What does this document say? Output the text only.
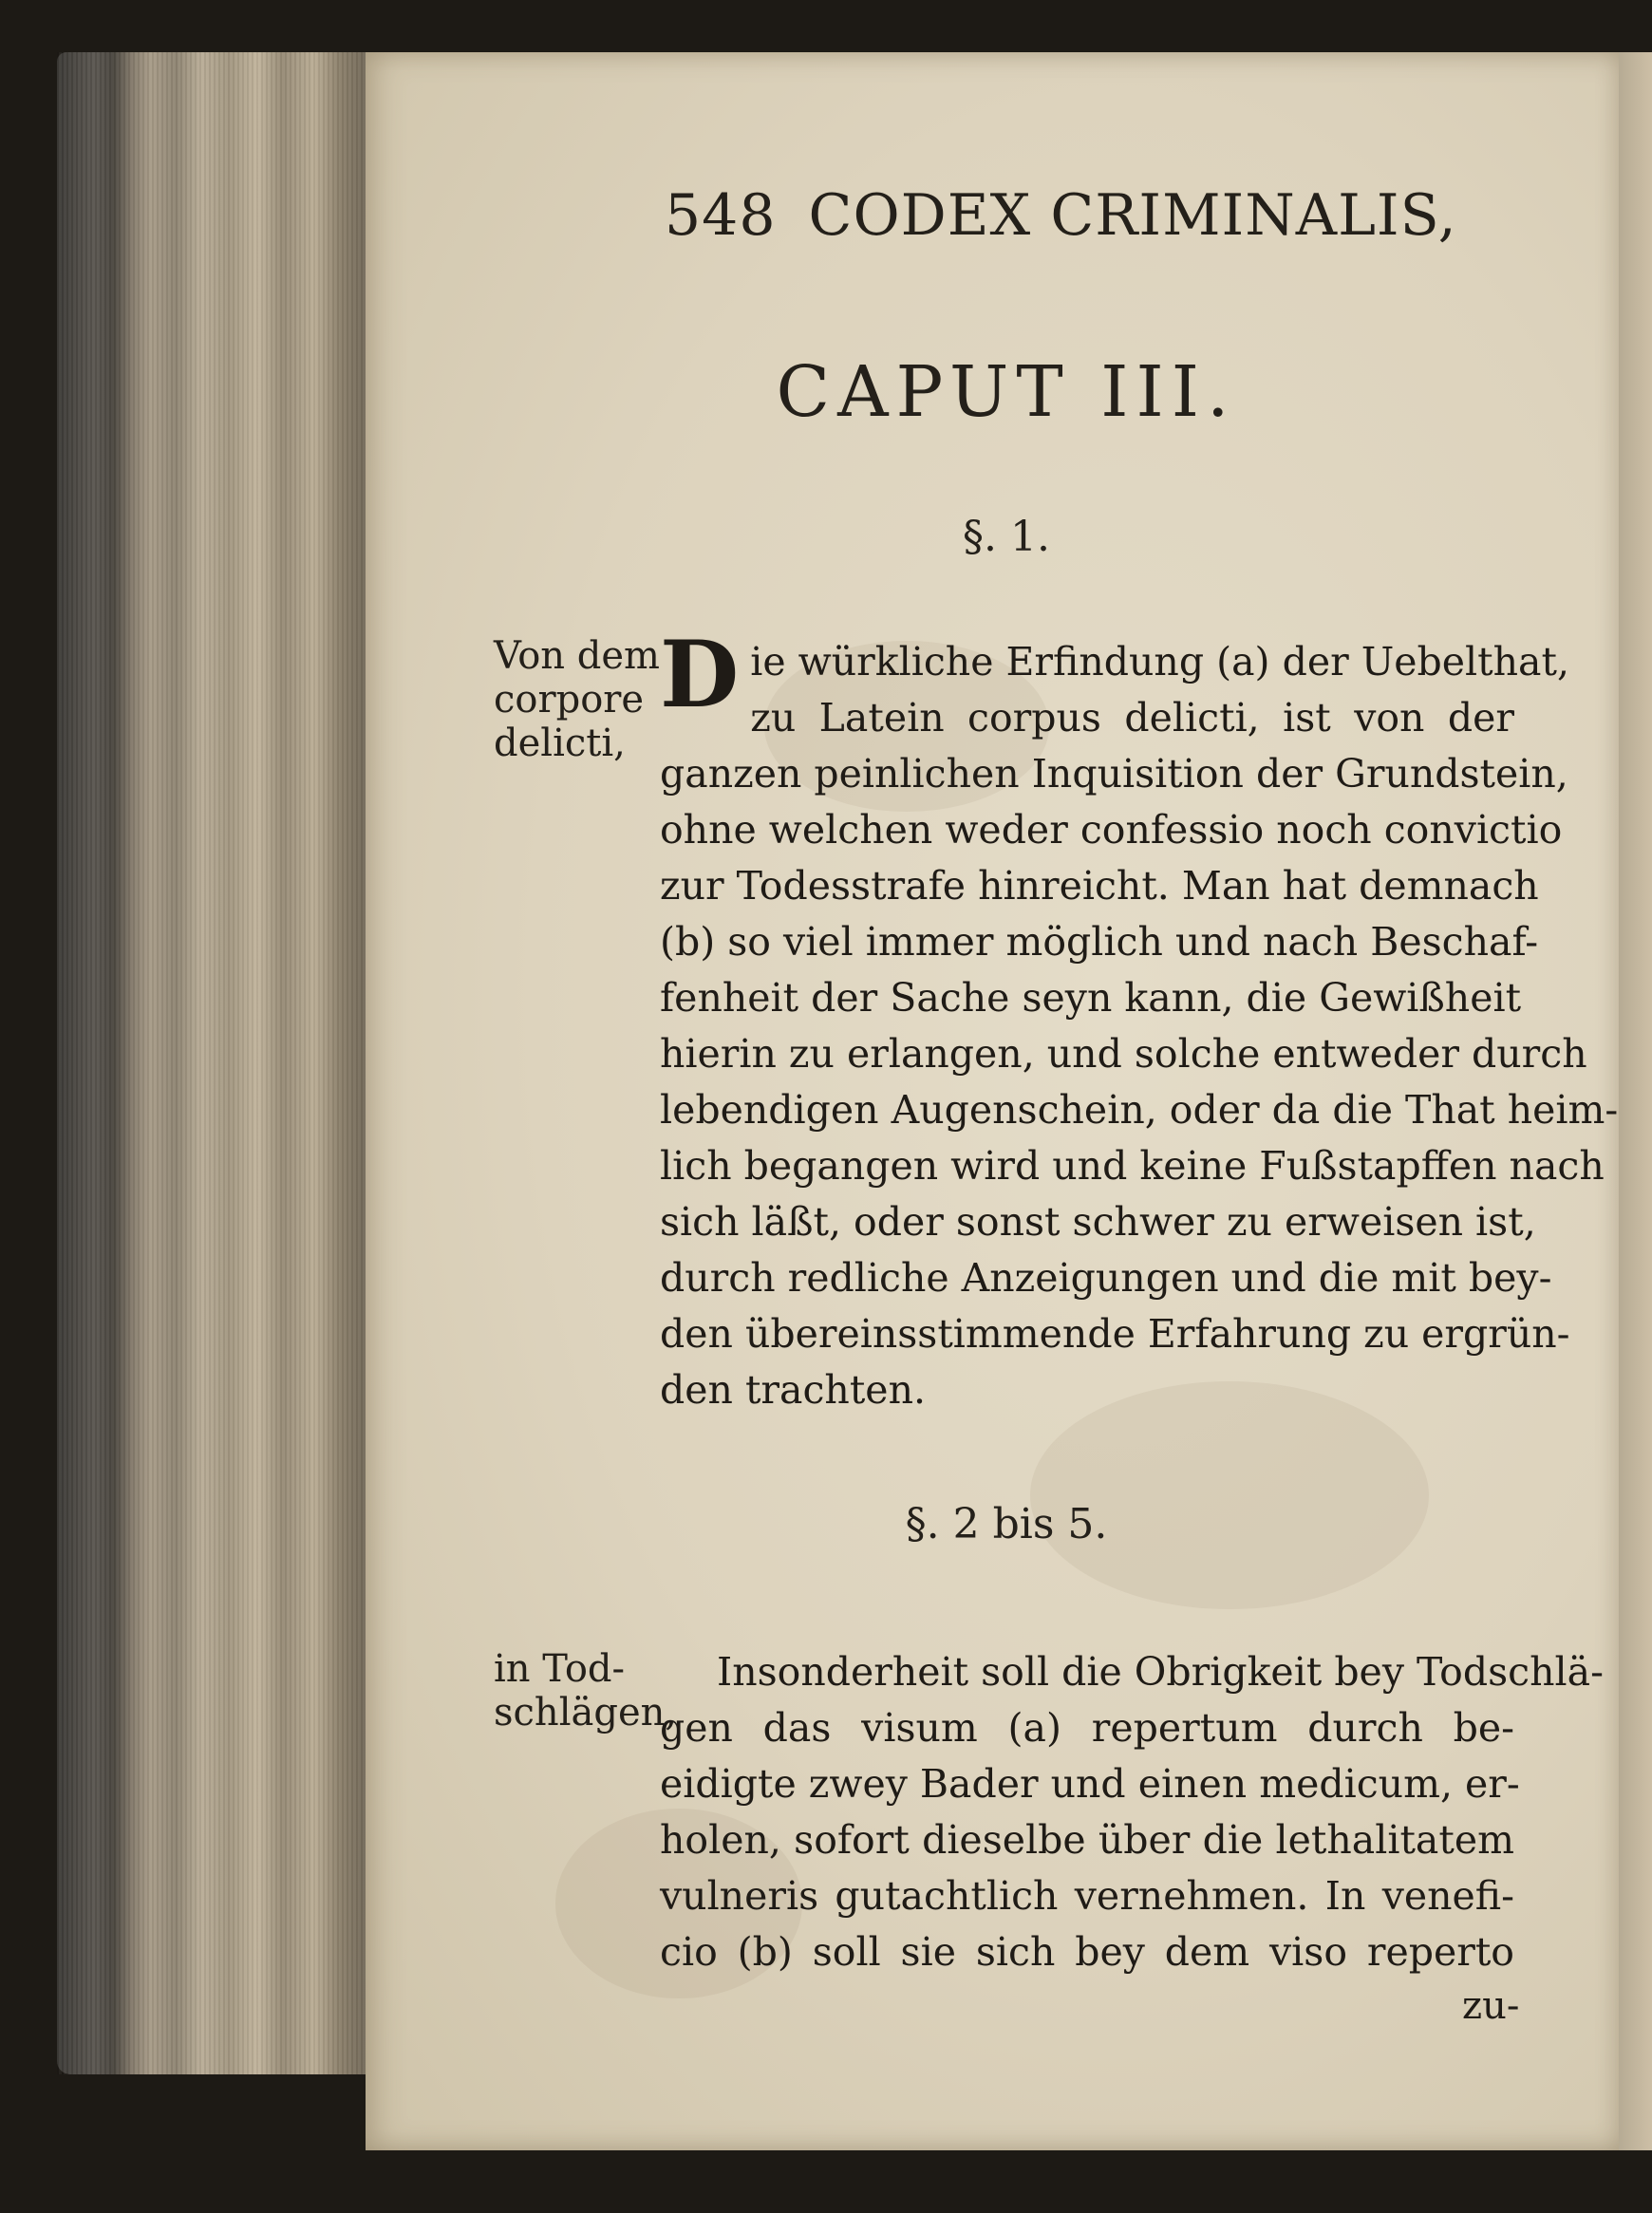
548 CODEX CRIMINALIS,
CAPUT III.
§. 1.
Von dem
corpore
delicti,
D ie würkliche Erfindung (a) der Uebelthat,
zu Latein corpus delicti, ist von der
ganzen peinlichen Inquisition der Grundstein,
ohne welchen weder confessio noch convictio
zur Todesstrafe hinreicht. Man hat demnach
(b) so viel immer möglich und nach Beschaf-
fenheit der Sache seyn kann, die Gewißheit
hierin zu erlangen, und solche entweder durch
lebendigen Augenschein, oder da die That heim-
lich begangen wird und keine Fußstapffen nach
sich läßt, oder sonst schwer zu erweisen ist,
durch redliche Anzeigungen und die mit bey-
den übereinsstimmende Erfahrung zu ergrün-
den trachten.
§. 2 bis 5.
in Tod-
schlägen,
Insonderheit soll die Obrigkeit bey Todschlä-
gen das visum (a) repertum durch be-
eidigte zwey Bader und einen medicum, er-
holen, sofort dieselbe über die lethalitatem
vulneris gutachtlich vernehmen. In venefi-
cio (b) soll sie sich bey dem viso reperto
zu-
